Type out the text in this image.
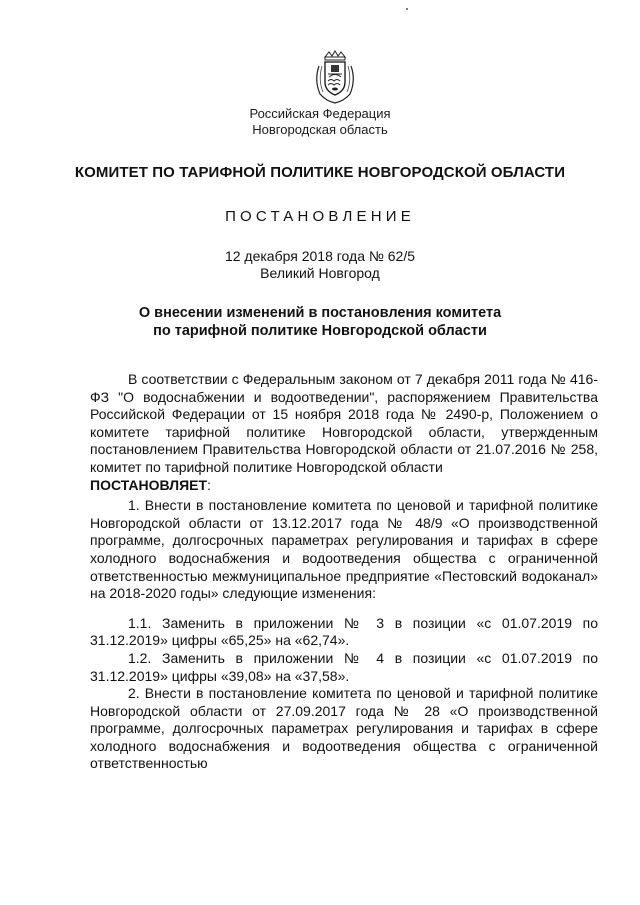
Российская Федерация
Новгородская область
КОМИТЕТ ПО ТАРИФНОЙ ПОЛИТИКЕ НОВГОРОДСКОЙ ОБЛАСТИ
ПОСТАНОВЛЕНИЕ
12 декабря 2018 года № 62/5
Великий Новгород
О внесении изменений в постановления комитета
по тарифной политике Новгородской области

В соответствии с Федеральным законом от 7 декабря 2011 года № 416-ФЗ "О водоснабжении и водоотведении", распоряжением Правительства Российской Федерации от 15 ноября 2018 года № 2490-р, Положением о комитете тарифной политике Новгородской области, утвержденным постановлением Правительства Новгородской области от 21.07.2016 № 258, комитет по тарифной политике Новгородской области

ПОСТАНОВЛЯЕТ:

1. Внести в постановление комитета по ценовой и тарифной политике Новгородской области от 13.12.2017 года № 48/9 «О производственной программе, долгосрочных параметрах регулирования и тарифах в сфере холодного водоснабжения и водоотведения общества с ограниченной ответственностью межмуниципальное предприятие «Пестовский водоканал» на 2018-2020 годы» следующие изменения:

1.1. Заменить в приложении № 3 в позиции «с 01.07.2019 по 31.12.2019» цифры «65,25» на «62,74».

1.2. Заменить в приложении № 4 в позиции «с 01.07.2019 по 31.12.2019» цифры «39,08» на «37,58».

2. Внести в постановление комитета по ценовой и тарифной политике Новгородской области от 27.09.2017 года № 28 «О производственной программе, долгосрочных параметрах регулирования и тарифах в сфере холодного водоснабжения и водоотведения общества с ограниченной ответственностью
